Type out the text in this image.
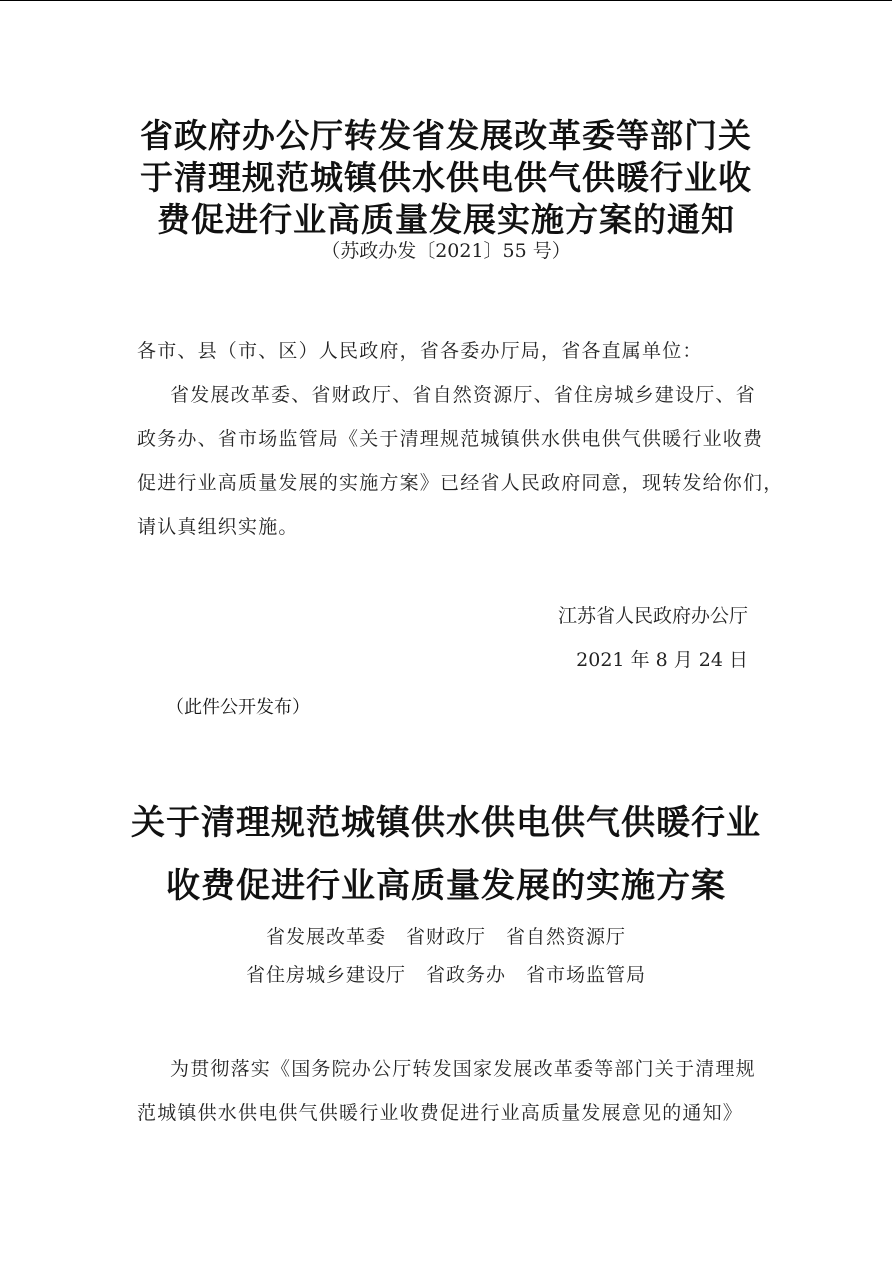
省政府办公厅转发省发展改革委等部门关
于清理规范城镇供水供电供气供暖行业收
费促进行业高质量发展实施方案的通知
（苏政办发〔2021〕55 号）
各市、县（市、区）人民政府，省各委办厅局，省各直属单位：
省发展改革委、省财政厅、省自然资源厅、省住房城乡建设厅、省
政务办、省市场监管局《关于清理规范城镇供水供电供气供暖行业收费
促进行业高质量发展的实施方案》已经省人民政府同意，现转发给你们，
请认真组织实施。
江苏省人民政府办公厅
2021 年 8 月 24 日
（此件公开发布）
关于清理规范城镇供水供电供气供暖行业
收费促进行业高质量发展的实施方案
省发展改革委　省财政厅　省自然资源厅
省住房城乡建设厅　省政务办　省市场监管局
为贯彻落实《国务院办公厅转发国家发展改革委等部门关于清理规
范城镇供水供电供气供暖行业收费促进行业高质量发展意见的通知》
